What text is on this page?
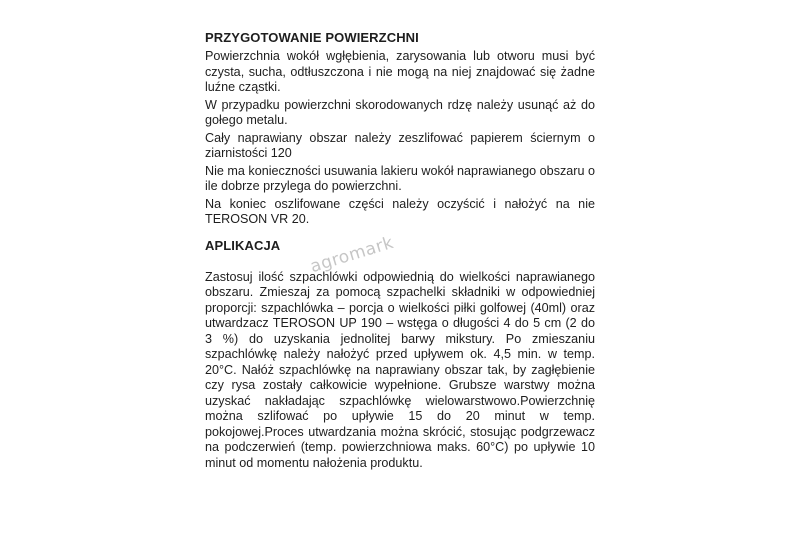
PRZYGOTOWANIE POWIERZCHNI

Powierzchnia wokół wgłębienia, zarysowania lub otworu musi być czysta, sucha, odtłuszczona i nie mogą na niej znajdować się żadne luźne cząstki.

W przypadku powierzchni skorodowanych rdzę należy usunąć aż do gołego metalu.

Cały naprawiany obszar należy zeszlifować papierem ściernym o ziarnistości 120

Nie ma konieczności usuwania lakieru wokół naprawianego obszaru o ile dobrze przylega do powierzchni.

Na koniec oszlifowane części należy oczyścić i nałożyć na nie TEROSON VR 20.

APLIKACJA

Zastosuj ilość szpachlówki odpowiednią do wielkości naprawianego obszaru. Zmieszaj za pomocą szpachelki składniki w odpowiedniej proporcji: szpachlówka – porcja o wielkości piłki golfowej (40ml) oraz utwardzacz TEROSON UP 190 – wstęga o długości 4 do 5 cm (2 do 3 %) do uzyskania jednolitej barwy mikstury. Po zmieszaniu szpachlówkę należy nałożyć przed upływem ok. 4,5 min. w temp. 20°C. Nałóż szpachlówkę na naprawiany obszar tak, by zagłębienie czy rysa zostały całkowicie wypełnione. Grubsze warstwy można uzyskać nakładając szpachlówkę wielowarstwowo.Powierzchnię można szlifować po upływie 15 do 20 minut w temp. pokojowej.Proces utwardzania można skrócić, stosując podgrzewacz na podczerwień (temp. powierzchniowa maks. 60°C) po upływie 10 minut od momentu nałożenia produktu.

agromark
